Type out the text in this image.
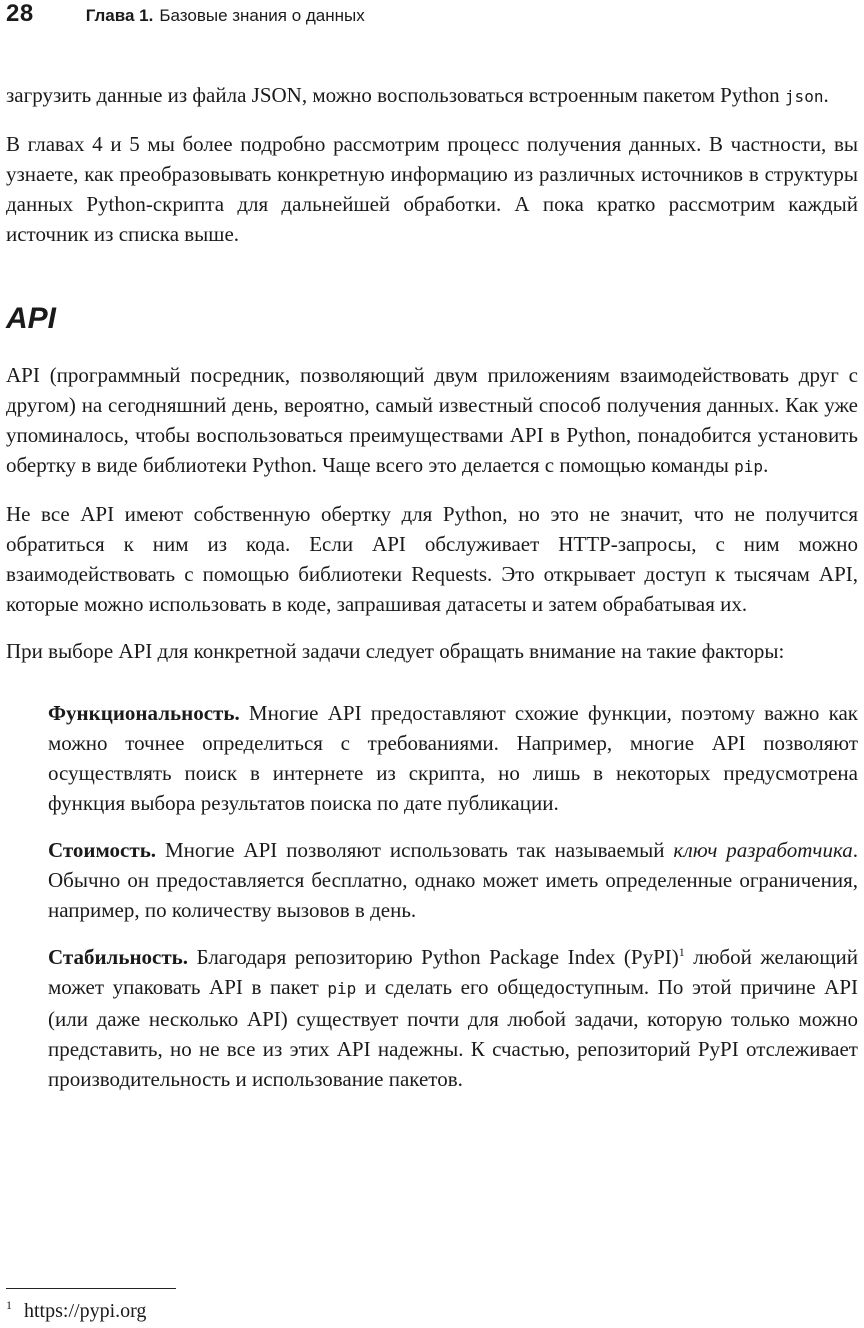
28	Глава 1. Базовые знания о данных

загрузить данные из файла JSON, можно воспользоваться встроенным пакетом Python json.

В главах 4 и 5 мы более подробно рассмотрим процесс получения данных. В частности, вы узнаете, как преобразовывать конкретную информацию из различных источников в структуры данных Python-скрипта для дальнейшей обработки. А пока кратко рассмотрим каждый источник из списка выше.

API

API (программный посредник, позволяющий двум приложениям взаимодействовать друг с другом) на сегодняшний день, вероятно, самый известный способ получения данных. Как уже упоминалось, чтобы воспользоваться преимуществами API в Python, понадобится установить обертку в виде библиотеки Python. Чаще всего это делается с помощью команды pip.

Не все API имеют собственную обертку для Python, но это не значит, что не получится обратиться к ним из кода. Если API обслуживает HTTP-запросы, с ним можно взаимодействовать с помощью библиотеки Requests. Это открывает доступ к тысячам API, которые можно использовать в коде, запрашивая датасеты и затем обрабатывая их.

При выборе API для конкретной задачи следует обращать внимание на такие факторы:

Функциональность. Многие API предоставляют схожие функции, поэтому важно как можно точнее определиться с требованиями. Например, многие API позволяют осуществлять поиск в интернете из скрипта, но лишь в некоторых предусмотрена функция выбора результатов поиска по дате публикации.

Стоимость. Многие API позволяют использовать так называемый ключ разработчика. Обычно он предоставляется бесплатно, однако может иметь определенные ограничения, например, по количеству вызовов в день.

Стабильность. Благодаря репозиторию Python Package Index (PyPI)$^1$ любой желающий может упаковать API в пакет pip и сделать его общедоступным. По этой причине API (или даже несколько API) существует почти для любой задачи, которую только можно представить, но не все из этих API надежны. К счастью, репозиторий PyPI отслеживает производительность и использование пакетов.

$^1$ https://pypi.org
